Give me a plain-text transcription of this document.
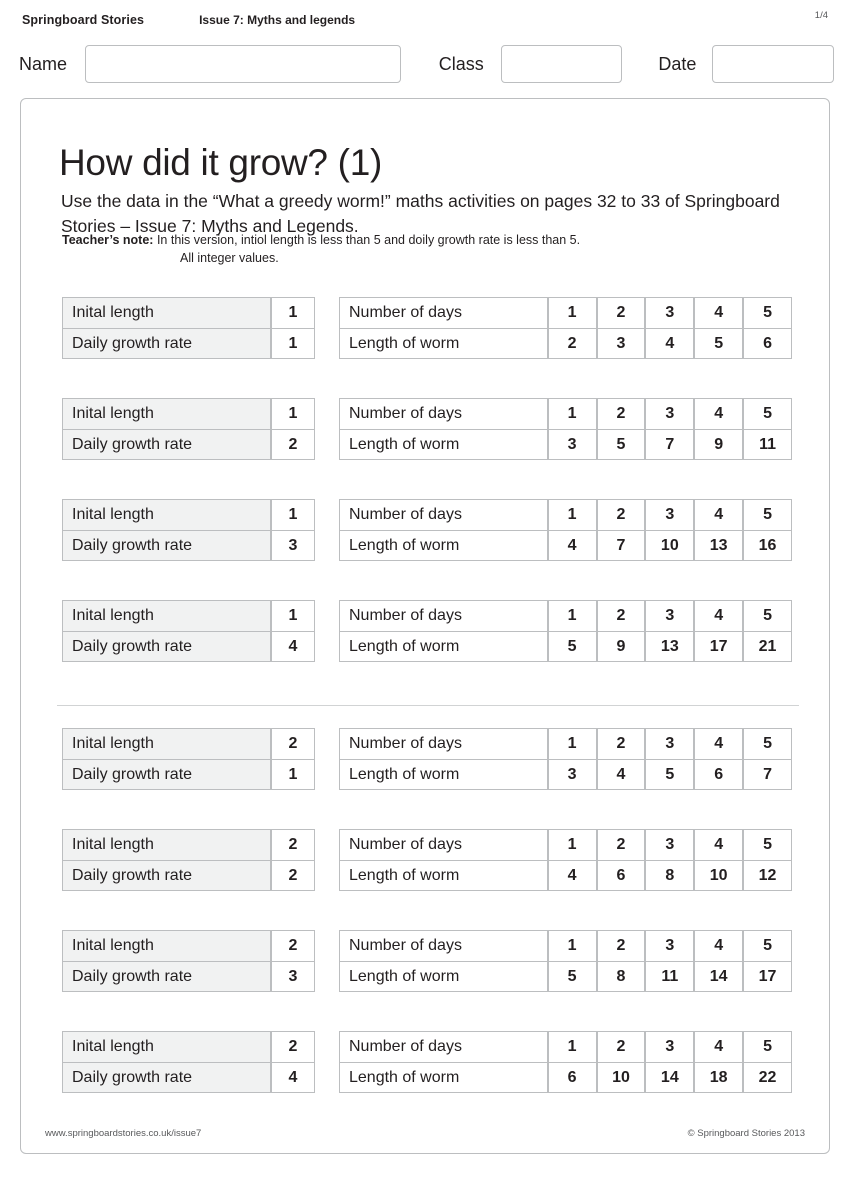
Springboard Stories	Issue 7: Myths and legends	1/4
Name	Class	Date
How did it grow? (1)

Use the data in the “What a greedy worm!” maths activities on pages 32 to 33 of Springboard Stories – Issue 7: Myths and Legends.

Teacher’s note: In this version, intiol length is less than 5 and doily growth rate is less than 5.
All integer values.
Inital length	1
Daily growth rate	1
Number of days	1	2	3	4	5
Length of worm	2	3	4	5	6
Inital length	1
Daily growth rate	2
Number of days	1	2	3	4	5
Length of worm	3	5	7	9	11
Inital length	1
Daily growth rate	3
Number of days	1	2	3	4	5
Length of worm	4	7	10	13	16
Inital length	1
Daily growth rate	4
Number of days	1	2	3	4	5
Length of worm	5	9	13	17	21
Inital length	2
Daily growth rate	1
Number of days	1	2	3	4	5
Length of worm	3	4	5	6	7
Inital length	2
Daily growth rate	2
Number of days	1	2	3	4	5
Length of worm	4	6	8	10	12
Inital length	2
Daily growth rate	3
Number of days	1	2	3	4	5
Length of worm	5	8	11	14	17
Inital length	2
Daily growth rate	4
Number of days	1	2	3	4	5
Length of worm	6	10	14	18	22
www.springboardstories.co.uk/issue7	© Springboard Stories 2013
